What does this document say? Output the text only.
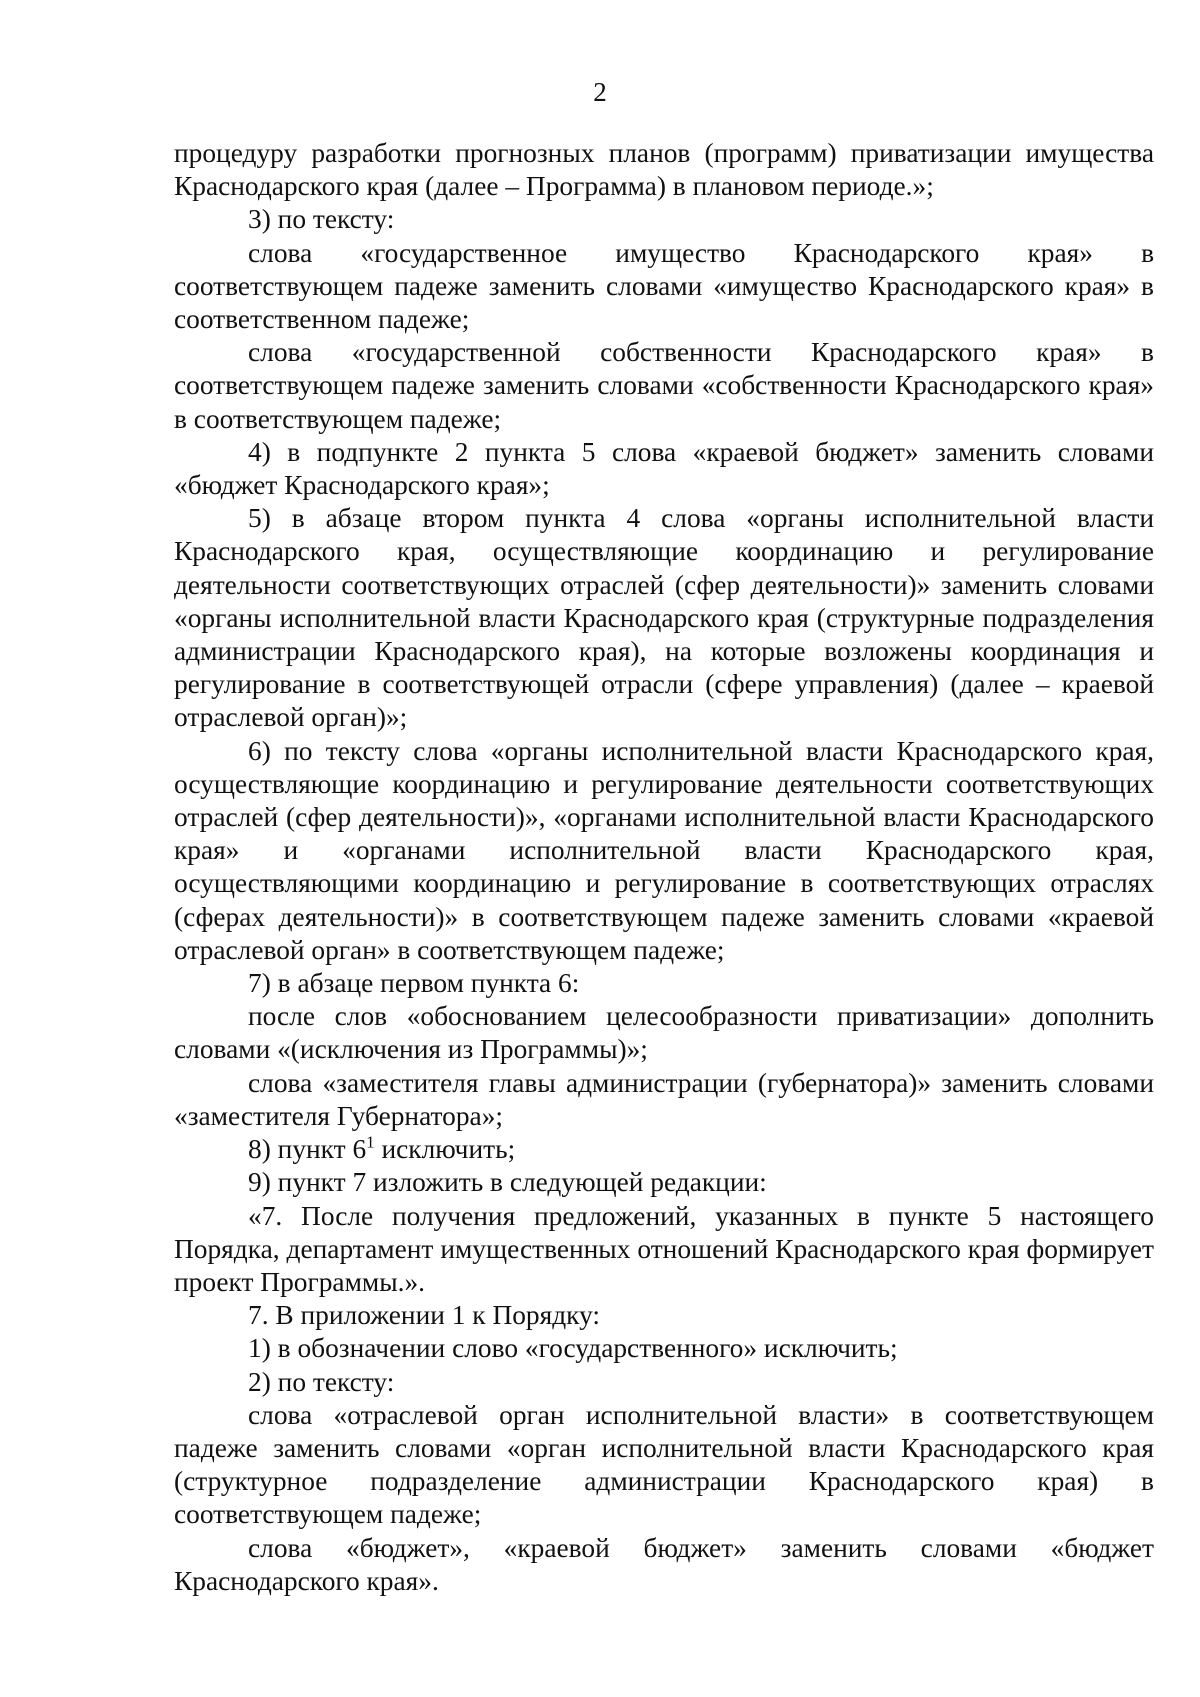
2

процедуру разработки прогнозных планов (программ) приватизации имущества Краснодарского края (далее – Программа) в плановом периоде.»;

3) по тексту:

слова «государственное имущество Краснодарского края» в соответствующем падеже заменить словами «имущество Краснодарского края» в соответственном падеже;

слова «государственной собственности Краснодарского края» в соответствующем падеже заменить словами «собственности Краснодарского края» в соответствующем падеже;

4) в подпункте 2 пункта 5 слова «краевой бюджет» заменить словами «бюджет Краснодарского края»;

5) в абзаце втором пункта 4 слова «органы исполнительной власти Краснодарского края, осуществляющие координацию и регулирование деятельности соответствующих отраслей (сфер деятельности)» заменить словами «органы исполнительной власти Краснодарского края (структурные подразделения администрации Краснодарского края), на которые возложены координация и регулирование в соответствующей отрасли (сфере управления) (далее – краевой отраслевой орган)»;

6) по тексту слова «органы исполнительной власти Краснодарского края, осуществляющие координацию и регулирование деятельности соответствующих отраслей (сфер деятельности)», «органами исполнительной власти Краснодарского края» и «органами исполнительной власти Краснодарского края, осуществляющими координацию и регулирование в соответствующих отраслях (сферах деятельности)» в соответствующем падеже заменить словами «краевой отраслевой орган» в соответствующем падеже;

7) в абзаце первом пункта 6:

после слов «обоснованием целесообразности приватизации» дополнить словами «(исключения из Программы)»;

слова «заместителя главы администрации (губернатора)» заменить словами «заместителя Губернатора»;

8) пункт $6^1$ исключить;

9) пункт 7 изложить в следующей редакции:

«7. После получения предложений, указанных в пункте 5 настоящего Порядка, департамент имущественных отношений Краснодарского края формирует проект Программы.».

7. В приложении 1 к Порядку:

1) в обозначении слово «государственного» исключить;

2) по тексту:

слова «отраслевой орган исполнительной власти» в соответствующем падеже заменить словами «орган исполнительной власти Краснодарского края (структурное подразделение администрации Краснодарского края) в соответствующем падеже;

слова «бюджет», «краевой бюджет» заменить словами «бюджет Краснодарского края».
